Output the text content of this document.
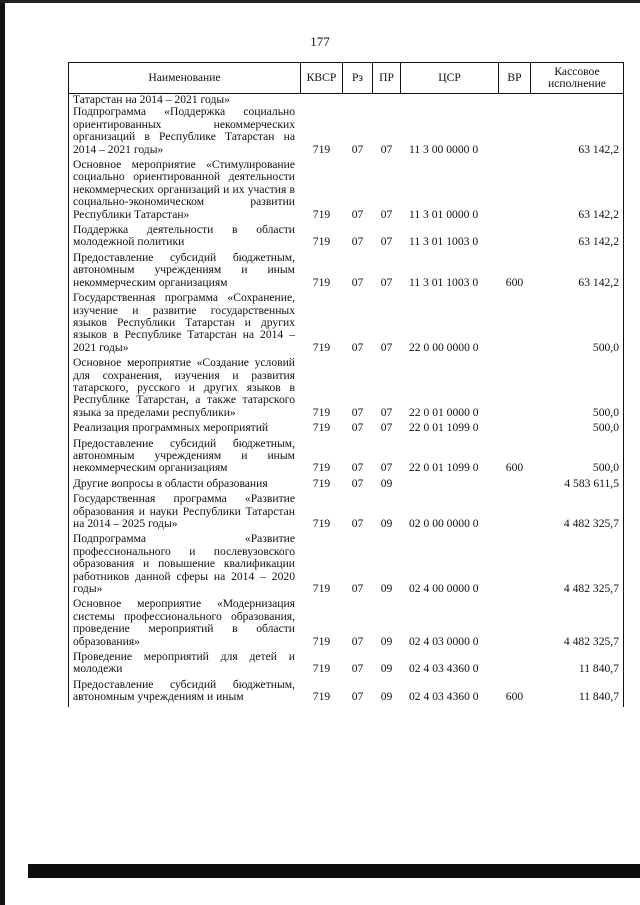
177
Наименование	КВСР	Рз	ПР	ЦСР	ВР	Кассовое исполнение
Татарстан на 2014 – 2021 годы»						
Подпрограмма «Поддержка социально ориентированных некоммерческих организаций в Республике Татарстан на 2014 – 2021 годы»	719	07	07	11 3 00 0000 0		63 142,2
Основное мероприятие «Стимулирование социально ориентированной деятельности некоммерческих организаций и их участия в социально-экономическом развитии Республики Татарстан»	719	07	07	11 3 01 0000 0		63 142,2
Поддержка деятельности в области молодежной политики	719	07	07	11 3 01 1003 0		63 142,2
Предоставление субсидий бюджетным, автономным учреждениям и иным некоммерческим организациям	719	07	07	11 3 01 1003 0	600	63 142,2
Государственная программа «Сохранение, изучение и развитие государственных языков Республики Татарстан и других языков в Республике Татарстан на 2014 – 2021 годы»	719	07	07	22 0 00 0000 0		500,0
Основное мероприятие «Создание условий для сохранения, изучения и развития татарского, русского и других языков в Республике Татарстан, а также татарского языка за пределами республики»	719	07	07	22 0 01 0000 0		500,0
Реализация программных мероприятий	719	07	07	22 0 01 1099 0		500,0
Предоставление субсидий бюджетным, автономным учреждениям и иным некоммерческим организациям	719	07	07	22 0 01 1099 0	600	500,0
Другие вопросы в области образования	719	07	09			4 583 611,5
Государственная программа «Развитие образования и науки Республики Татарстан на 2014 – 2025 годы»	719	07	09	02 0 00 0000 0		4 482 325,7
Подпрограмма «Развитие профессионального и послевузовского образования и повышение квалификации работников данной сферы на 2014 – 2020 годы»	719	07	09	02 4 00 0000 0		4 482 325,7
Основное мероприятие «Модернизация системы профессионального образования, проведение мероприятий в области образования»	719	07	09	02 4 03 0000 0		4 482 325,7
Проведение мероприятий для детей и молодежи	719	07	09	02 4 03 4360 0		11 840,7
Предоставление субсидий бюджетным, автономным учреждениям и иным	719	07	09	02 4 03 4360 0	600	11 840,7
